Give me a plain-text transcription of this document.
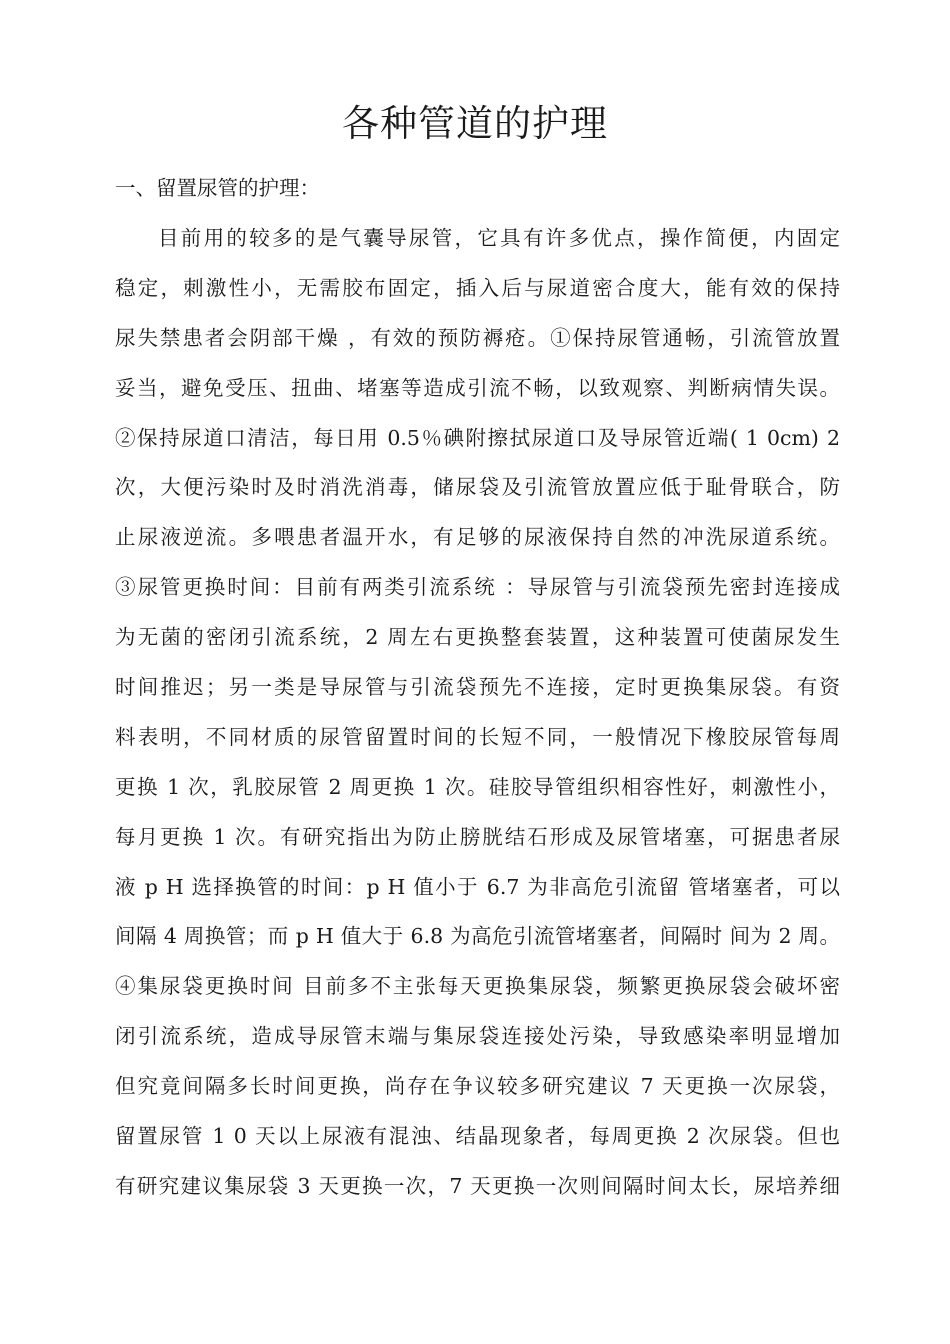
各种管道的护理

一、留置尿管的护理：

目前用的较多的是气囊导尿管，它具有许多优点，操作简便，内固定
稳定，刺激性小，无需胶布固定，插入后与尿道密合度大，能有效的保持
尿失禁患者会阴部干燥 ，有效的预防褥疮。①保持尿管通畅，引流管放置
妥当，避免受压、扭曲、堵塞等造成引流不畅，以致观察、判断病情失误。
②保持尿道口清洁，每日用 0.5％碘附擦拭尿道口及导尿管近端( 1 0cm) 2
次，大便污染时及时消洗消毒，储尿袋及引流管放置应低于耻骨联合，防
止尿液逆流。多喂患者温开水，有足够的尿液保持自然的冲洗尿道系统。
③尿管更换时间：目前有两类引流系统 ：导尿管与引流袋预先密封连接成
为无菌的密闭引流系统，2 周左右更换整套装置，这种装置可使菌尿发生
时间推迟；另一类是导尿管与引流袋预先不连接，定时更换集尿袋。有资
料表明，不同材质的尿管留置时间的长短不同，一般情况下橡胶尿管每周
更换 1 次，乳胶尿管 2 周更换 1 次。硅胶导管组织相容性好，刺激性小，
每月更换 1 次。有研究指出为防止膀胱结石形成及尿管堵塞，可据患者尿
液 p H 选择换管的时间：p H 值小于 6.7 为非高危引流留 管堵塞者，可以
间隔 4 周换管；而 p H 值大于 6.8 为高危引流管堵塞者，间隔时 间为 2 周。
④集尿袋更换时间 目前多不主张每天更换集尿袋，频繁更换尿袋会破坏密
闭引流系统，造成导尿管末端与集尿袋连接处污染，导致感染率明显增加
但究竟间隔多长时间更换，尚存在争议较多研究建议 7 天更换一次尿袋，
留置尿管 1 0 天以上尿液有混浊、结晶现象者，每周更换 2 次尿袋。但也
有研究建议集尿袋 3 天更换一次，7 天更换一次则间隔时间太长，尿培养细
